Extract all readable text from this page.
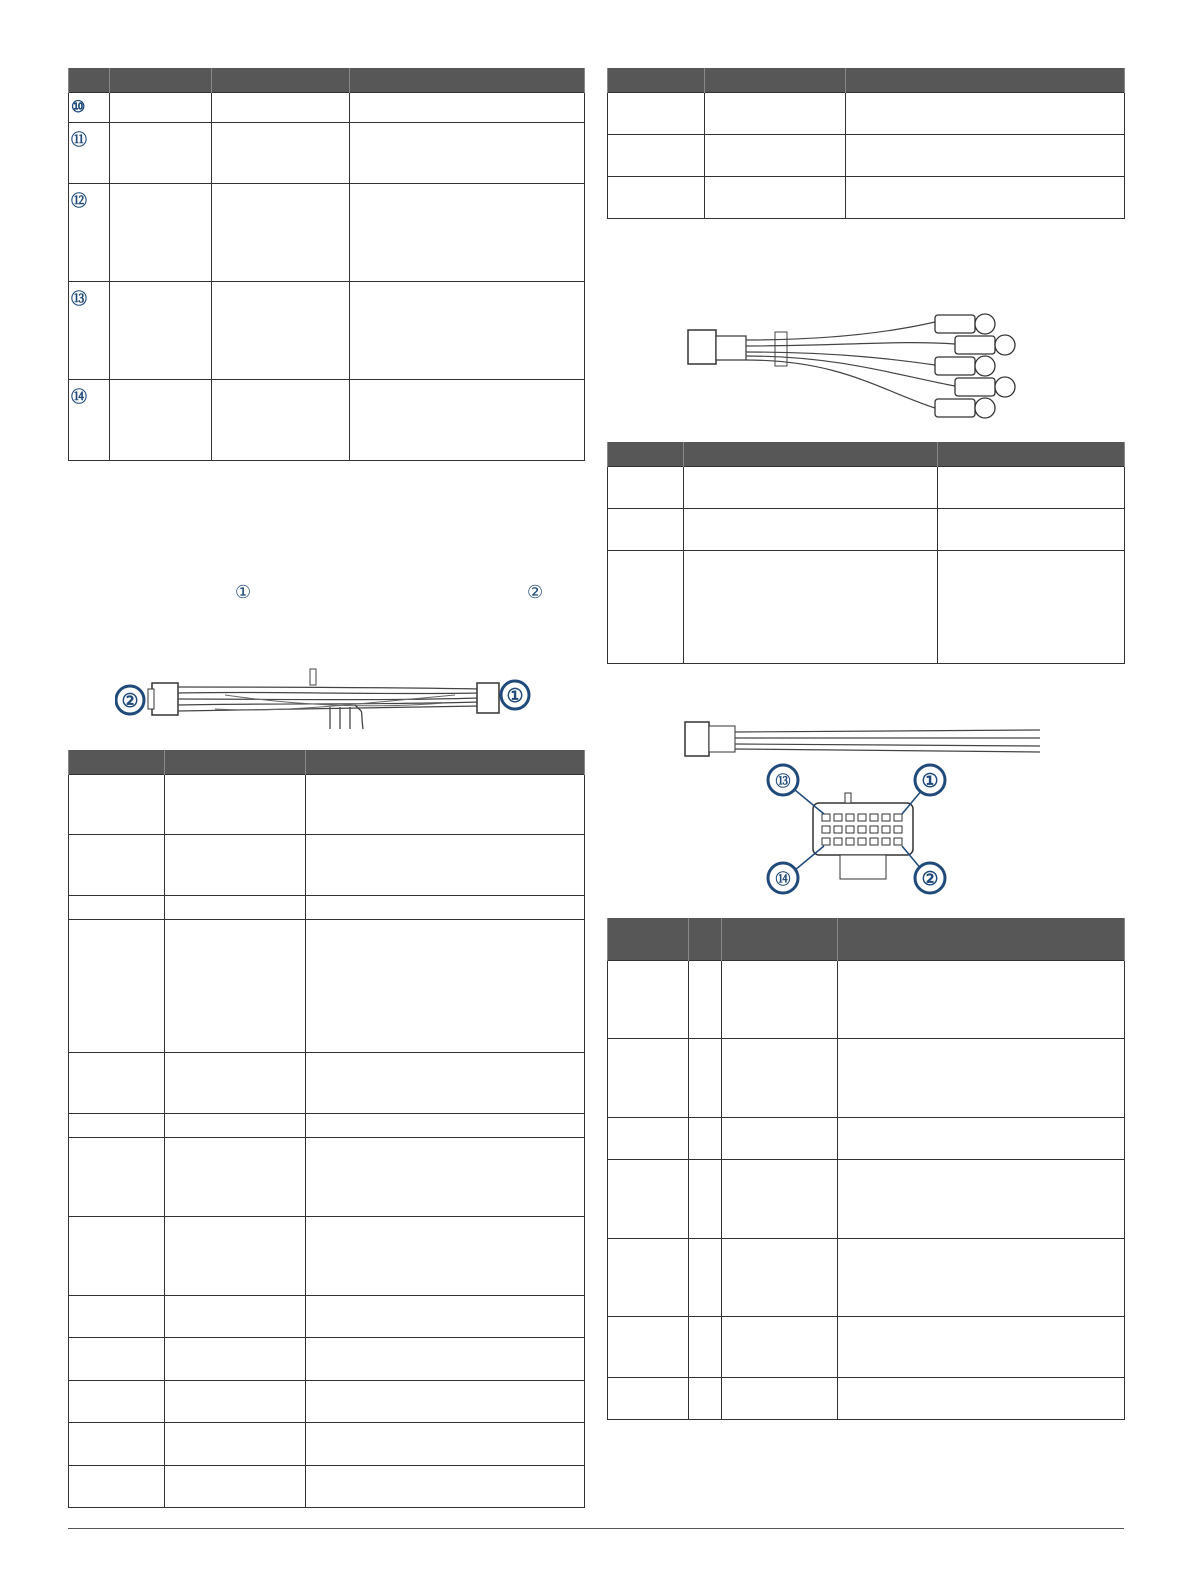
⑩			
⑪			
⑫			
⑬			
⑭			
①	②
②	①

⑬	①
⑭	②
